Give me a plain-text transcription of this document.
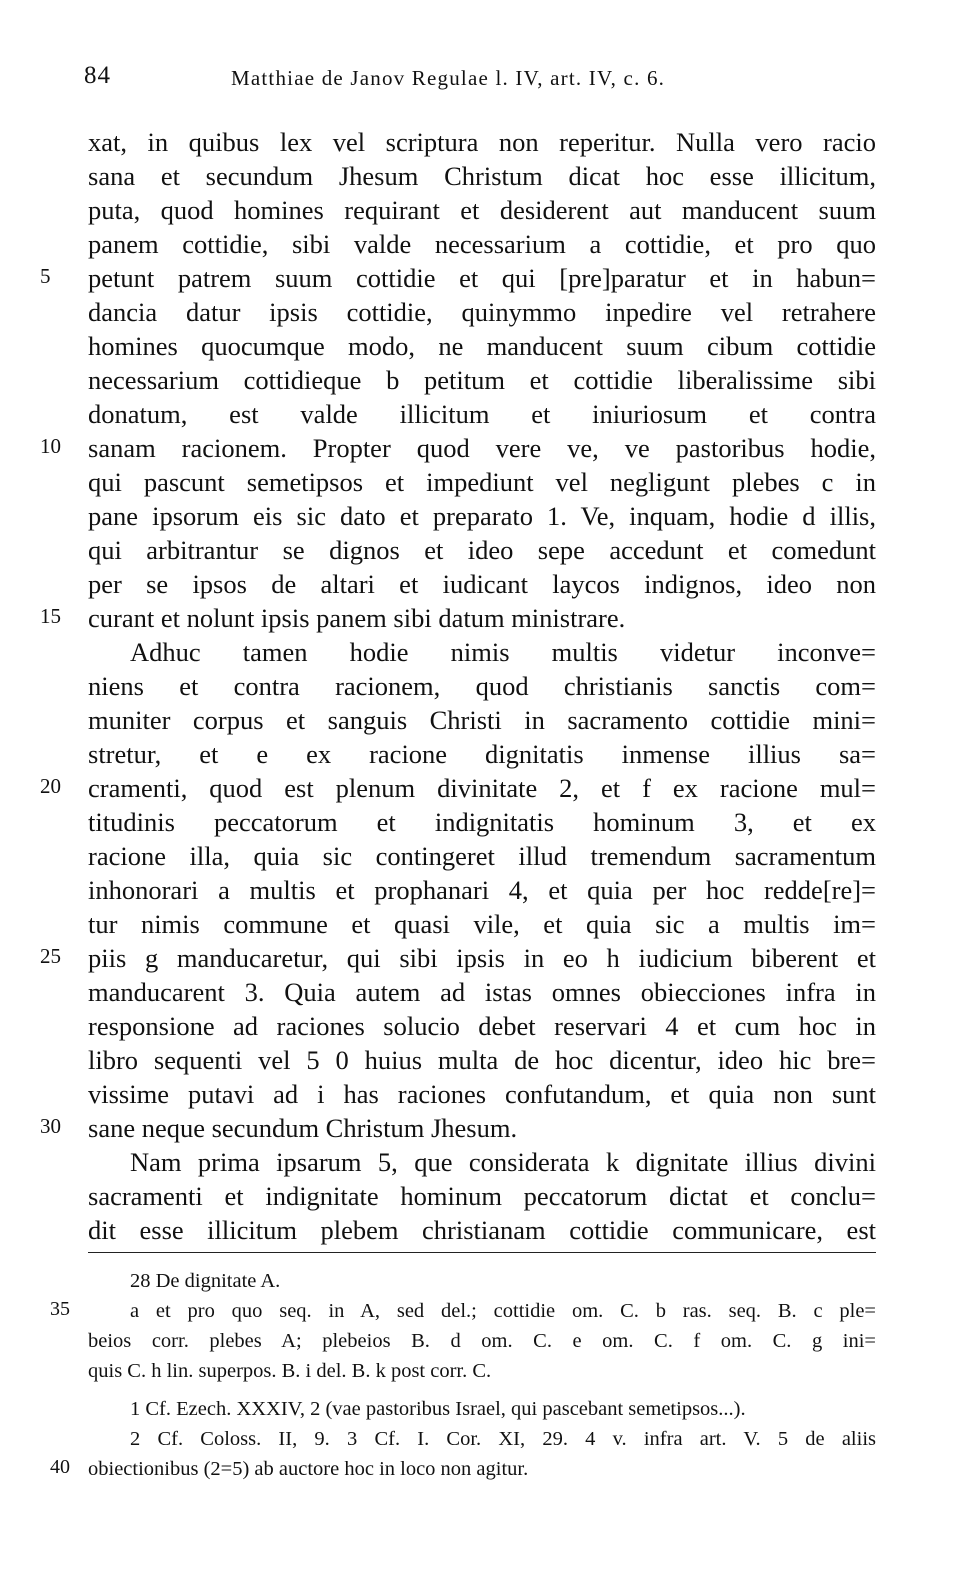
84	Matthiae de Janov Regulae l. IV, art. IV, c. 6.
xat, in quibus lex vel scriptura non reperitur. Nulla vero racio
sana et secundum Jhesum Christum dicat hoc esse illicitum,
puta, quod homines requirant et desiderent aut manducent suum
panem cottidie, sibi valde necessarium a cottidie, et pro quo
5	petunt patrem suum cottidie et qui [pre]paratur et in habun=
dancia datur ipsis cottidie, quinymmo inpedire vel retrahere
homines quocumque modo, ne manducent suum cibum cottidie
necessarium cottidieque b petitum et cottidie liberalissime sibi
donatum, est valde illicitum et iniuriosum et contra
10	sanam racionem. Propter quod vere ve, ve pastoribus hodie,
qui pascunt semetipsos et impediunt vel negligunt plebes c in
pane ipsorum eis sic dato et preparato 1. Ve, inquam, hodie d illis,
qui arbitrantur se dignos et ideo sepe accedunt et comedunt
per se ipsos de altari et iudicant laycos indignos, ideo non
15	curant et nolunt ipsis panem sibi datum ministrare.
Adhuc tamen hodie nimis multis videtur inconve=
niens et contra racionem, quod christianis sanctis com=
muniter corpus et sanguis Christi in sacramento cottidie mini=
stretur, et e ex racione dignitatis inmense illius sa=
20	cramenti, quod est plenum divinitate 2, et f ex racione mul=
titudinis peccatorum et indignitatis hominum 3, et ex
racione illa, quia sic contingeret illud tremendum sacramentum
inhonorari a multis et prophanari 4, et quia per hoc redde[re]=
tur nimis commune et quasi vile, et quia sic a multis im=
25	piis g manducaretur, qui sibi ipsis in eo h iudicium biberent et
manducarent 3. Quia autem ad istas omnes obiecciones infra in
responsione ad raciones solucio debet reservari 4 et cum hoc in
libro sequenti vel 5 0 huius multa de hoc dicentur, ideo hic bre=
vissime putavi ad i has raciones confutandum, et quia non sunt
30	sane neque secundum Christum Jhesum.
Nam prima ipsarum 5, que considerata k dignitate illius divini
sacramenti et indignitate hominum peccatorum dictat et conclu=
dit esse illicitum plebem christianam cottidie communicare, est
28 De dignitate A.
35	a et pro quo seq. in A, sed del.; cottidie om. C. b ras. seq. B. c ple=
beios corr. plebes A; plebeios B. d om. C. e om. C. f om. C. g ini=
quis C. h lin. superpos. B. i del. B. k post corr. C.
1 Cf. Ezech. XXXIV, 2 (vae pastoribus Israel, qui pascebant semetipsos...).
2 Cf. Coloss. II, 9. 3 Cf. I. Cor. XI, 29. 4 v. infra art. V. 5 de aliis
40 obiectionibus (2=5) ab auctore hoc in loco non agitur.
